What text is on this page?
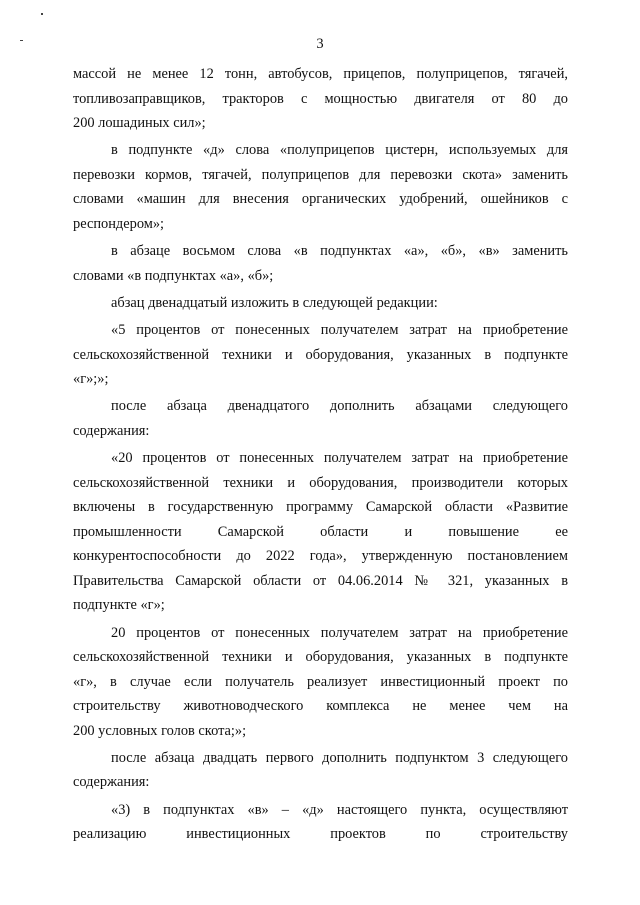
3
массой не менее 12 тонн, автобусов, прицепов, полуприцепов, тягачей,
топливозаправщиков, тракторов с мощностью двигателя от 80 до
200 лошадиных сил»;
в подпункте «д» слова «полуприцепов цистерн, используемых для
перевозки кормов, тягачей, полуприцепов для перевозки скота» заменить
словами «машин для внесения органических удобрений, ошейников с
респондером»;
в абзаце восьмом слова «в подпунктах «а», «б», «в» заменить
словами «в подпунктах «а», «б»;
абзац двенадцатый изложить в следующей редакции:
«5 процентов от понесенных получателем затрат на приобретение
сельскохозяйственной техники и оборудования, указанных в подпункте
«г»;»;
после абзаца двенадцатого дополнить абзацами следующего
содержания:
«20 процентов от понесенных получателем затрат на приобретение
сельскохозяйственной техники и оборудования, производители которых
включены в государственную программу Самарской области «Развитие
промышленности Самарской области и повышение ее
конкурентоспособности до 2022 года», утвержденную постановлением
Правительства Самарской области от 04.06.2014 № 321, указанных в
подпункте «г»;
20 процентов от понесенных получателем затрат на приобретение
сельскохозяйственной техники и оборудования, указанных в подпункте
«г», в случае если получатель реализует инвестиционный проект по
строительству животноводческого комплекса не менее чем на
200 условных голов скота;»;
после абзаца двадцать первого дополнить подпунктом 3 следующего
содержания:
«3) в подпунктах «в» – «д» настоящего пункта, осуществляют
реализацию инвестиционных проектов по строительству
